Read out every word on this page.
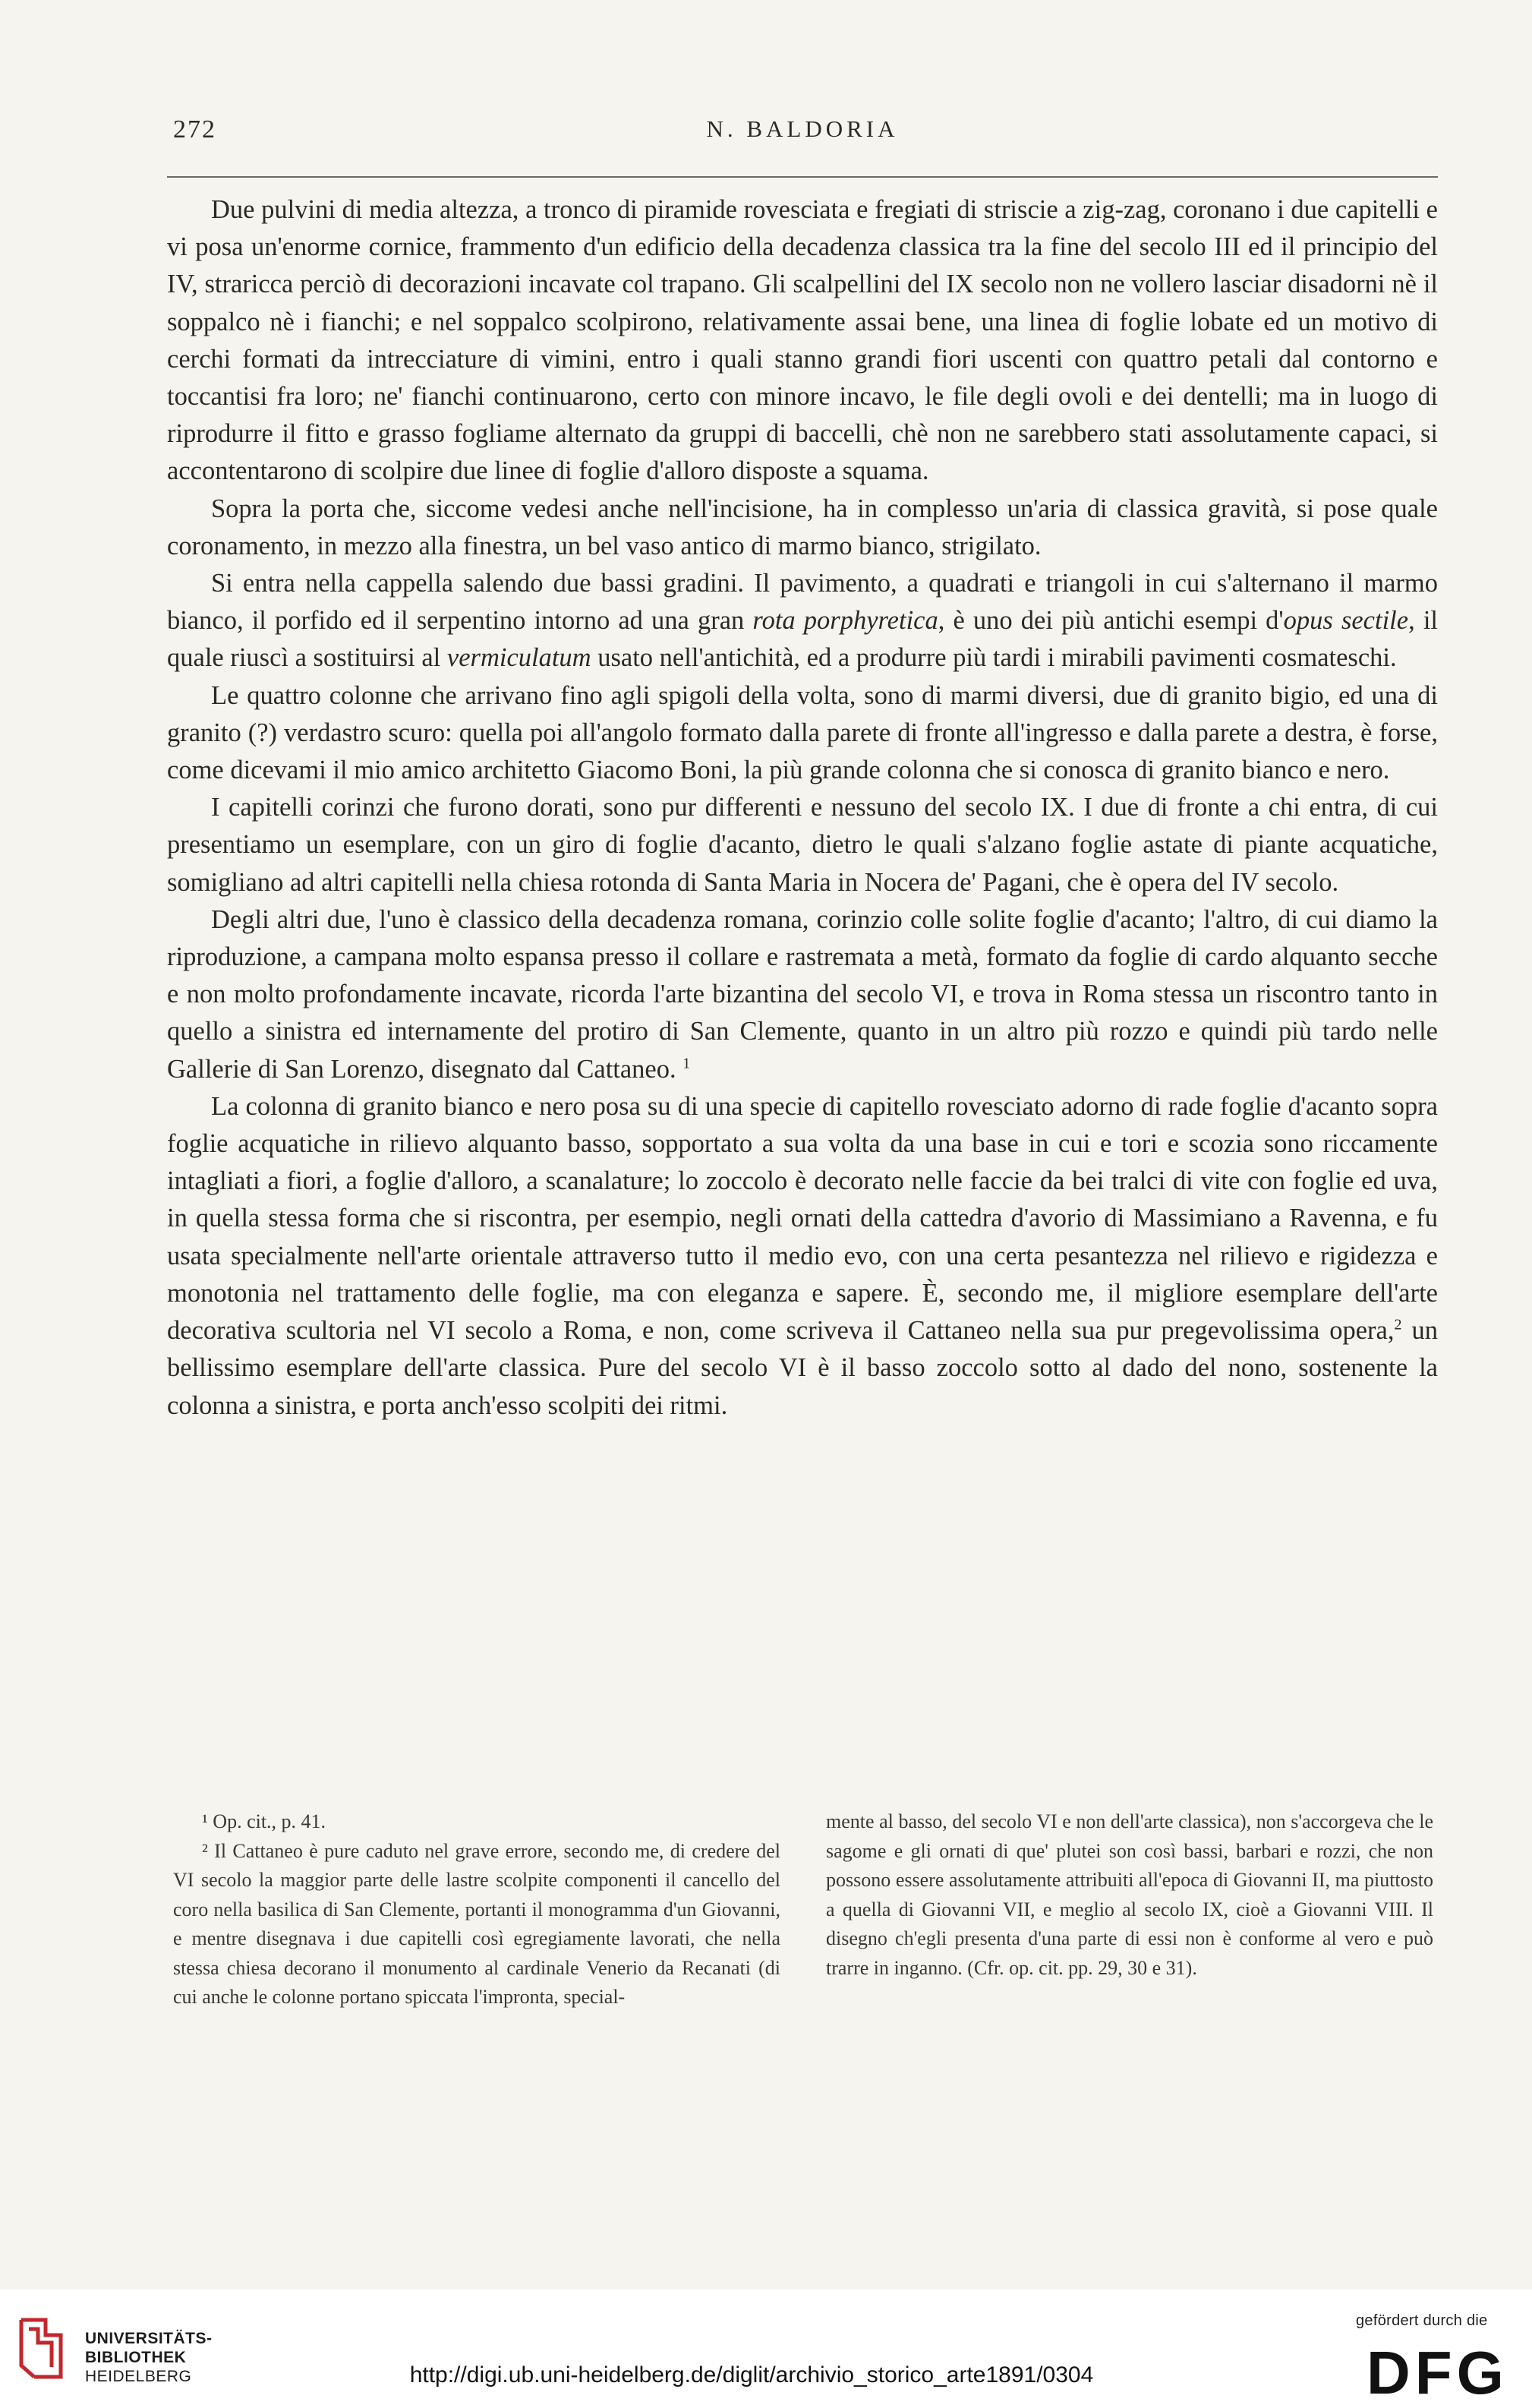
272	N. BALDORIA

Due pulvini di media altezza, a tronco di piramide rovesciata e fregiati di striscie a zig-zag, coronano i due capitelli e vi posa un'enorme cornice, frammento d'un edificio della decadenza classica tra la fine del secolo III ed il principio del IV, straricca perciò di decorazioni incavate col trapano. Gli scalpellini del IX secolo non ne vollero lasciar disadorni nè il soppalco nè i fianchi; e nel soppalco scolpirono, relativamente assai bene, una linea di foglie lobate ed un motivo di cerchi formati da intrecciature di vimini, entro i quali stanno grandi fiori uscenti con quattro petali dal contorno e toccantisi fra loro; ne' fianchi continuarono, certo con minore incavo, le file degli ovoli e dei dentelli; ma in luogo di riprodurre il fitto e grasso fogliame alternato da gruppi di baccelli, chè non ne sarebbero stati assolutamente capaci, si accontentarono di scolpire due linee di foglie d'alloro disposte a squama.

Sopra la porta che, siccome vedesi anche nell'incisione, ha in complesso un'aria di classica gravità, si pose quale coronamento, in mezzo alla finestra, un bel vaso antico di marmo bianco, strigilato.

Si entra nella cappella salendo due bassi gradini. Il pavimento, a quadrati e triangoli in cui s'alternano il marmo bianco, il porfido ed il serpentino intorno ad una gran rota porphyretica, è uno dei più antichi esempi d'opus sectile, il quale riuscì a sostituirsi al vermiculatum usato nell'antichità, ed a produrre più tardi i mirabili pavimenti cosmateschi.

Le quattro colonne che arrivano fino agli spigoli della volta, sono di marmi diversi, due di granito bigio, ed una di granito (?) verdastro scuro: quella poi all'angolo formato dalla parete di fronte all'ingresso e dalla parete a destra, è forse, come dicevami il mio amico architetto Giacomo Boni, la più grande colonna che si conosca di granito bianco e nero.

I capitelli corinzi che furono dorati, sono pur differenti e nessuno del secolo IX. I due di fronte a chi entra, di cui presentiamo un esemplare, con un giro di foglie d'acanto, dietro le quali s'alzano foglie astate di piante acquatiche, somigliano ad altri capitelli nella chiesa rotonda di Santa Maria in Nocera de' Pagani, che è opera del IV secolo.

Degli altri due, l'uno è classico della decadenza romana, corinzio colle solite foglie d'acanto; l'altro, di cui diamo la riproduzione, a campana molto espansa presso il collare e rastremata a metà, formato da foglie di cardo alquanto secche e non molto profondamente incavate, ricorda l'arte bizantina del secolo VI, e trova in Roma stessa un riscontro tanto in quello a sinistra ed internamente del protiro di San Clemente, quanto in un altro più rozzo e quindi più tardo nelle Gallerie di San Lorenzo, disegnato dal Cattaneo. $^1$

La colonna di granito bianco e nero posa su di una specie di capitello rovesciato adorno di rade foglie d'acanto sopra foglie acquatiche in rilievo alquanto basso, sopportato a sua volta da una base in cui e tori e scozia sono riccamente intagliati a fiori, a foglie d'alloro, a scanalature; lo zoccolo è decorato nelle faccie da bei tralci di vite con foglie ed uva, in quella stessa forma che si riscontra, per esempio, negli ornati della cattedra d'avorio di Massimiano a Ravenna, e fu usata specialmente nell'arte orientale attraverso tutto il medio evo, con una certa pesantezza nel rilievo e rigidezza e monotonia nel trattamento delle foglie, ma con eleganza e sapere. È, secondo me, il migliore esemplare dell'arte decorativa scultoria nel VI secolo a Roma, e non, come scriveva il Cattaneo nella sua pur pregevolissima opera,$^2$ un bellissimo esemplare dell'arte classica. Pure del secolo VI è il basso zoccolo sotto al dado del nono, sostenente la colonna a sinistra, e porta anch'esso scolpiti dei ritmi.

¹ Op. cit., p. 41.

² Il Cattaneo è pure caduto nel grave errore, secondo me, di credere del VI secolo la maggior parte delle lastre scolpite componenti il cancello del coro nella basilica di San Clemente, portanti il monogramma d'un Giovanni, e mentre disegnava i due capitelli così egregiamente lavorati, che nella stessa chiesa decorano il monumento al cardinale Venerio da Recanati (di cui anche le colonne portano spiccata l'impronta, special-

mente al basso, del secolo VI e non dell'arte classica), non s'accorgeva che le sagome e gli ornati di que' plutei son così bassi, barbari e rozzi, che non possono essere assolutamente attribuiti all'epoca di Giovanni II, ma piuttosto a quella di Giovanni VII, e meglio al secolo IX, cioè a Giovanni VIII. Il disegno ch'egli presenta d'una parte di essi non è conforme al vero e può trarre in inganno. (Cfr. op. cit. pp. 29, 30 e 31).

UNIVERSITÄTS-
BIBLIOTHEK
HEIDELBERG	http://digi.ub.uni-heidelberg.de/diglit/archivio_storico_arte1891/0304
gefördert durch die
DFG
